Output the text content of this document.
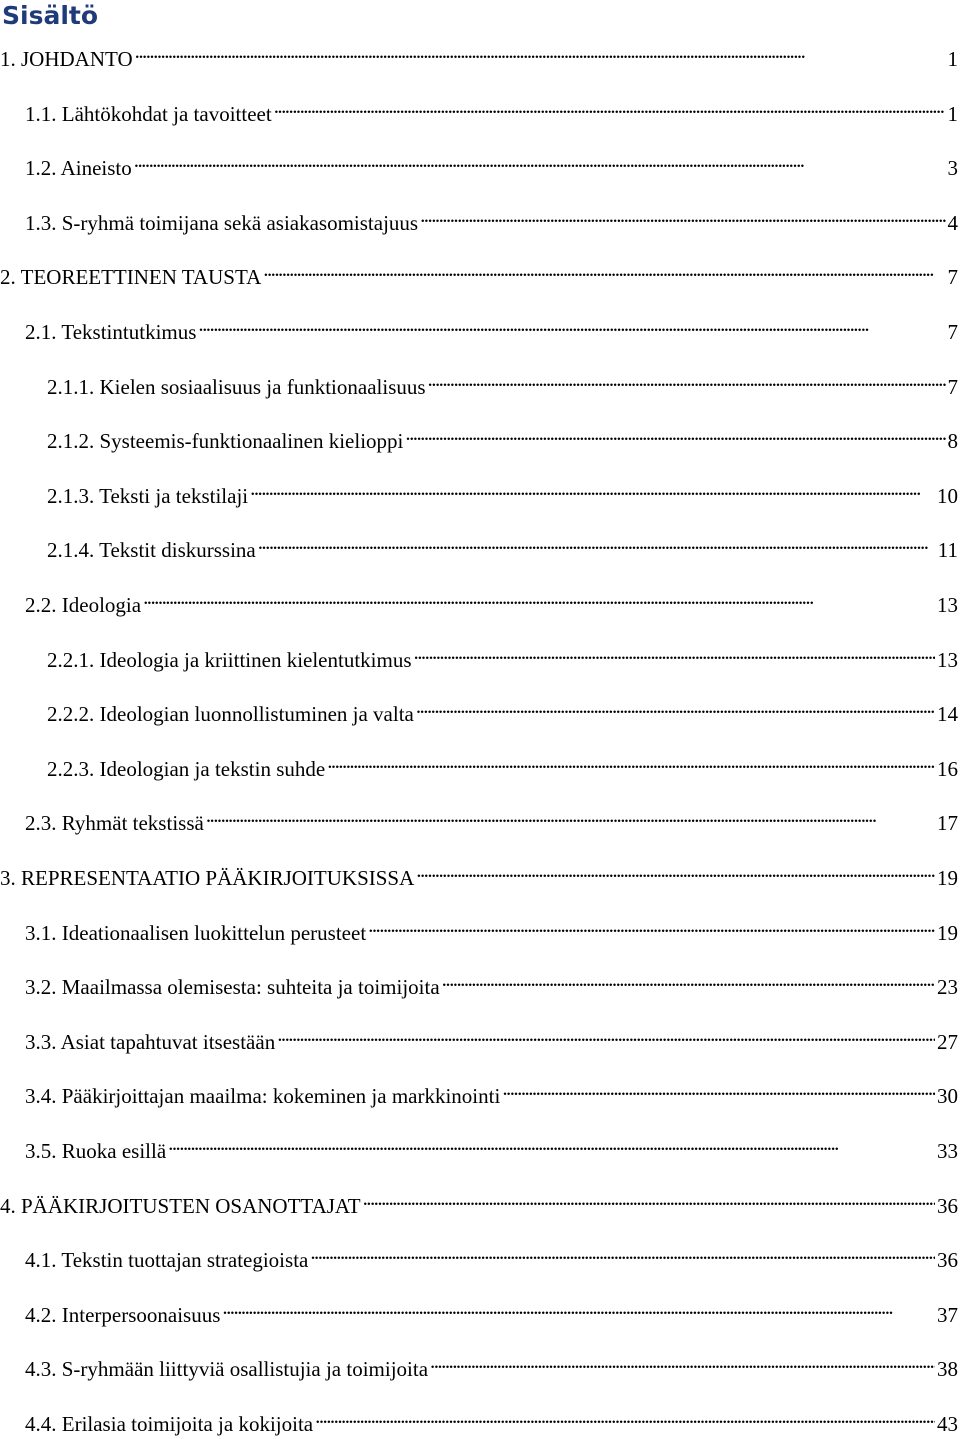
Sisältö
1. JOHDANTO . . .	1
1.1. Lähtökohdat ja tavoitteet . . .	1
1.2. Aineisto . . .	3
1.3. S-ryhmä toimijana sekä asiakasomistajuus . . .	4
2. TEOREETTINEN TAUSTA . . .	7
2.1. Tekstintutkimus . . .	7
2.1.1. Kielen sosiaalisuus ja funktionaalisuus . . .	7
2.1.2. Systeemis-funktionaalinen kielioppi . . .	8
2.1.3. Teksti ja tekstilaji . . .	10
2.1.4. Tekstit diskurssina . . .	11
2.2. Ideologia . . .	13
2.2.1. Ideologia ja kriittinen kielentutkimus . . .	13
2.2.2. Ideologian luonnollistuminen ja valta . . .	14
2.2.3. Ideologian ja tekstin suhde . . .	16
2.3. Ryhmät tekstissä . . .	17
3. REPRESENTAATIO PÄÄKIRJOITUKSISSA . . .	19
3.1. Ideationaalisen luokittelun perusteet . . .	19
3.2. Maailmassa olemisesta: suhteita ja toimijoita . . .	23
3.3. Asiat tapahtuvat itsestään . . .	27
3.4. Pääkirjoittajan maailma: kokeminen ja markkinointi . . .	30
3.5. Ruoka esillä . . .	33
4. PÄÄKIRJOITUSTEN OSANOTTAJAT . . .	36
4.1. Tekstin tuottajan strategioista . . .	36
4.2. Interpersoonaisuus . . .	37
4.3. S-ryhmään liittyviä osallistujia ja toimijoita . . .	38
4.4. Erilasia toimijoita ja kokijoita . . .	43
